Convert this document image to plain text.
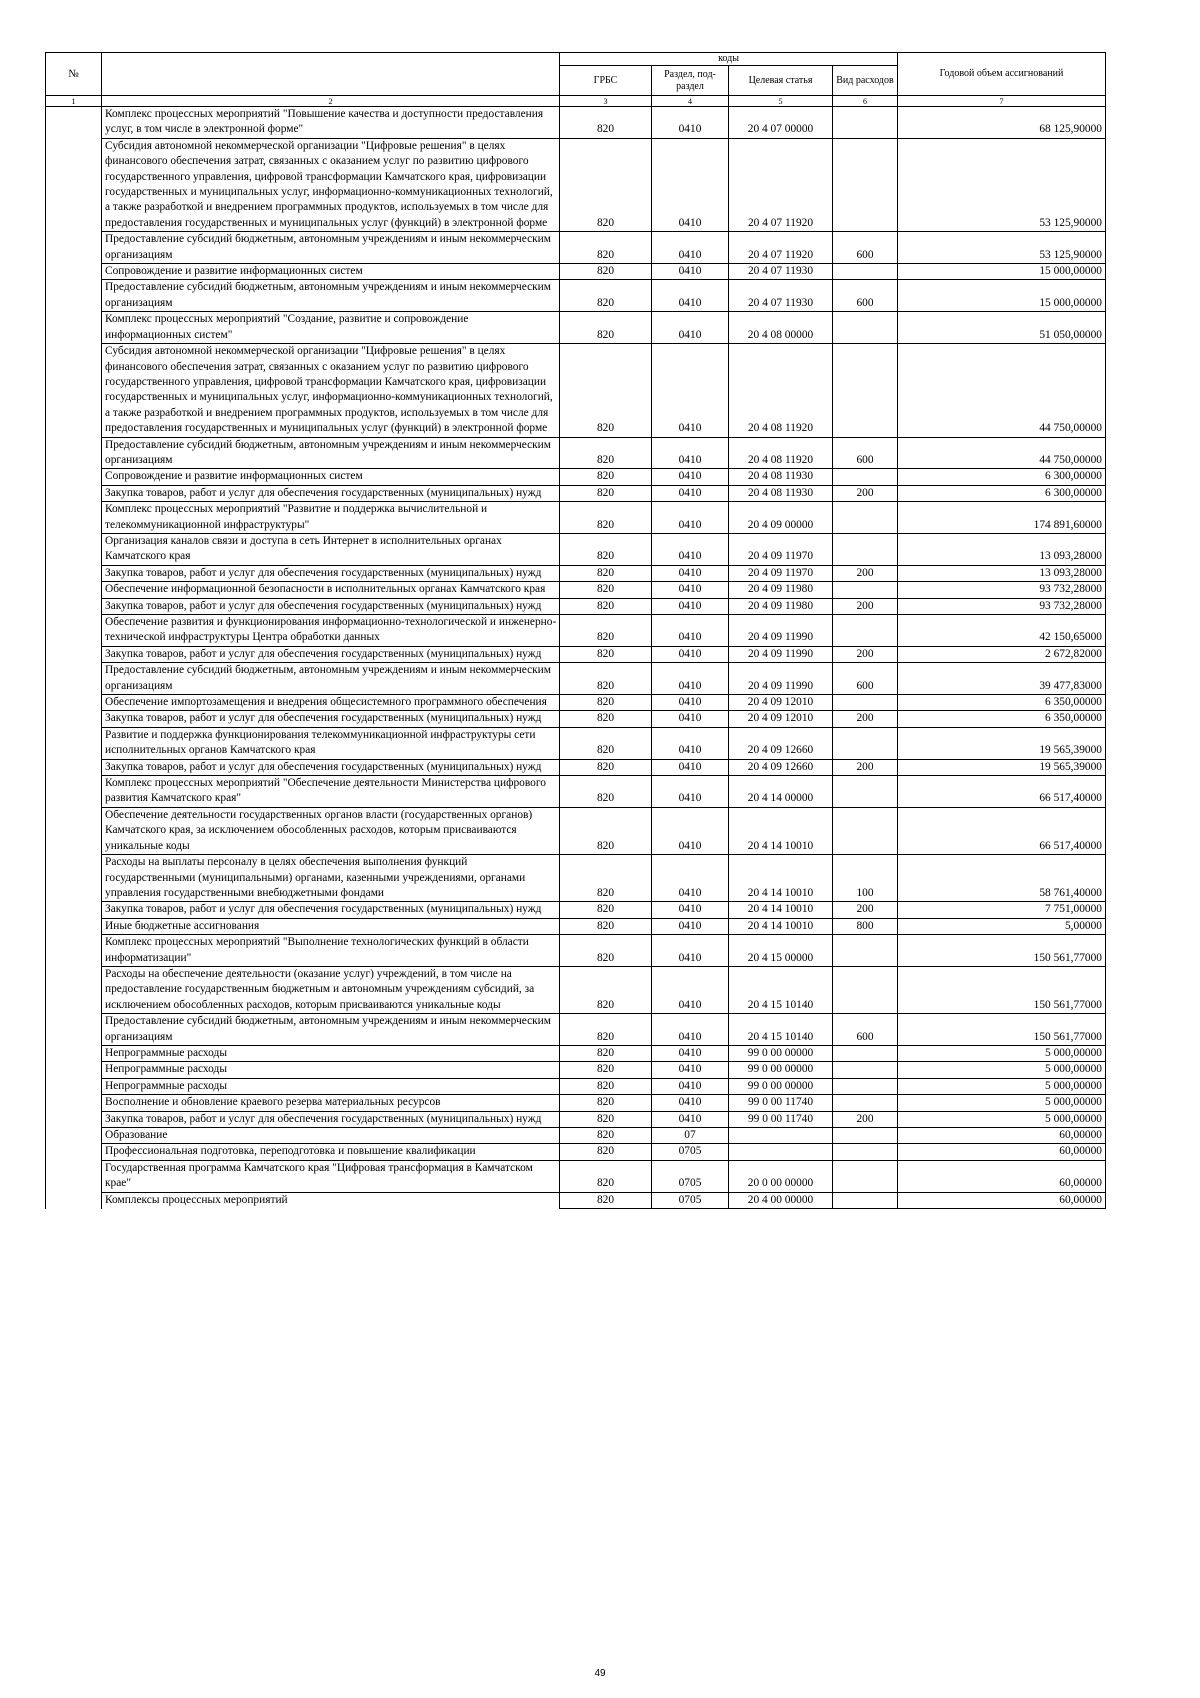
№		коды				Годовой объем ассигнований
		ГРБС	Раздел, под-раздел	Целевая статья	Вид расходов	
1	2	3	4	5	6	7
	Комплекс процессных мероприятий "Повышение качества и доступности предоставления услуг, в том числе в электронной форме"	820	0410	20 4 07 00000		68 125,90000
	Субсидия автономной некоммерческой организации "Цифровые решения" в целях финансового обеспечения затрат, связанных с оказанием услуг по развитию цифрового государственного управления, цифровой трансформации Камчатского края, цифровизации государственных и муниципальных услуг, информационно-коммуникационных технологий, а также разработкой и внедрением программных продуктов, используемых в том числе для предоставления государственных и муниципальных услуг (функций) в электронной форме	820	0410	20 4 07 11920		53 125,90000
	Предоставление субсидий бюджетным, автономным учреждениям и иным некоммерческим организациям	820	0410	20 4 07 11920	600	53 125,90000
	Сопровождение и развитие информационных систем	820	0410	20 4 07 11930		15 000,00000
	Предоставление субсидий бюджетным, автономным учреждениям и иным некоммерческим организациям	820	0410	20 4 07 11930	600	15 000,00000
	Комплекс процессных мероприятий "Создание, развитие и сопровождение информационных систем"	820	0410	20 4 08 00000		51 050,00000
	Субсидия автономной некоммерческой организации "Цифровые решения" в целях финансового обеспечения затрат, связанных с оказанием услуг по развитию цифрового государственного управления, цифровой трансформации Камчатского края, цифровизации государственных и муниципальных услуг, информационно-коммуникационных технологий, а также разработкой и внедрением программных продуктов, используемых в том числе для предоставления государственных и муниципальных услуг (функций) в электронной форме	820	0410	20 4 08 11920		44 750,00000
	Предоставление субсидий бюджетным, автономным учреждениям и иным некоммерческим организациям	820	0410	20 4 08 11920	600	44 750,00000
	Сопровождение и развитие информационных систем	820	0410	20 4 08 11930		6 300,00000
	Закупка товаров, работ и услуг для обеспечения государственных (муниципальных) нужд	820	0410	20 4 08 11930	200	6 300,00000
	Комплекс процессных мероприятий "Развитие и поддержка вычислительной и телекоммуникационной инфраструктуры"	820	0410	20 4 09 00000		174 891,60000
	Организация каналов связи и доступа в сеть Интернет в исполнительных органах Камчатского края	820	0410	20 4 09 11970		13 093,28000
	Закупка товаров, работ и услуг для обеспечения государственных (муниципальных) нужд	820	0410	20 4 09 11970	200	13 093,28000
	Обеспечение информационной безопасности в исполнительных органах Камчатского края	820	0410	20 4 09 11980		93 732,28000
	Закупка товаров, работ и услуг для обеспечения государственных (муниципальных) нужд	820	0410	20 4 09 11980	200	93 732,28000
	Обеспечение развития и функционирования информационно-технологической и инженерно-технической инфраструктуры Центра обработки данных	820	0410	20 4 09 11990		42 150,65000
	Закупка товаров, работ и услуг для обеспечения государственных (муниципальных) нужд	820	0410	20 4 09 11990	200	2 672,82000
	Предоставление субсидий бюджетным, автономным учреждениям и иным некоммерческим организациям	820	0410	20 4 09 11990	600	39 477,83000
	Обеспечение импортозамещения и внедрения общесистемного программного обеспечения	820	0410	20 4 09 12010		6 350,00000
	Закупка товаров, работ и услуг для обеспечения государственных (муниципальных) нужд	820	0410	20 4 09 12010	200	6 350,00000
	Развитие и поддержка функционирования телекоммуникационной инфраструктуры сети исполнительных органов Камчатского края	820	0410	20 4 09 12660		19 565,39000
	Закупка товаров, работ и услуг для обеспечения государственных (муниципальных) нужд	820	0410	20 4 09 12660	200	19 565,39000
	Комплекс процессных мероприятий "Обеспечение деятельности Министерства цифрового развития Камчатского края"	820	0410	20 4 14 00000		66 517,40000
	Обеспечение деятельности государственных органов власти (государственных органов) Камчатского края, за исключением обособленных расходов, которым присваиваются уникальные коды	820	0410	20 4 14 10010		66 517,40000
	Расходы на выплаты персоналу в целях обеспечения выполнения функций государственными (муниципальными) органами, казенными учреждениями, органами управления государственными внебюджетными фондами	820	0410	20 4 14 10010	100	58 761,40000
	Закупка товаров, работ и услуг для обеспечения государственных (муниципальных) нужд	820	0410	20 4 14 10010	200	7 751,00000
	Иные бюджетные ассигнования	820	0410	20 4 14 10010	800	5,00000
	Комплекс процессных мероприятий "Выполнение технологических функций в области информатизации"	820	0410	20 4 15 00000		150 561,77000
	Расходы на обеспечение деятельности (оказание услуг) учреждений, в том числе на предоставление государственным бюджетным и автономным учреждениям субсидий, за исключением обособленных расходов, которым присваиваются уникальные коды	820	0410	20 4 15 10140		150 561,77000
	Предоставление субсидий бюджетным, автономным учреждениям и иным некоммерческим организациям	820	0410	20 4 15 10140	600	150 561,77000
	Непрограммные расходы	820	0410	99 0 00 00000		5 000,00000
	Непрограммные расходы	820	0410	99 0 00 00000		5 000,00000
	Непрограммные расходы	820	0410	99 0 00 00000		5 000,00000
	Восполнение и обновление краевого резерва материальных ресурсов	820	0410	99 0 00 11740		5 000,00000
	Закупка товаров, работ и услуг для обеспечения государственных (муниципальных) нужд	820	0410	99 0 00 11740	200	5 000,00000
	Образование	820	07			60,00000
	Профессиональная подготовка, переподготовка и повышение квалификации	820	0705			60,00000
	Государственная программа Камчатского края "Цифровая трансформация в Камчатском крае"	820	0705	20 0 00 00000		60,00000
	Комплексы процессных мероприятий	820	0705	20 4 00 00000		60,00000
49
